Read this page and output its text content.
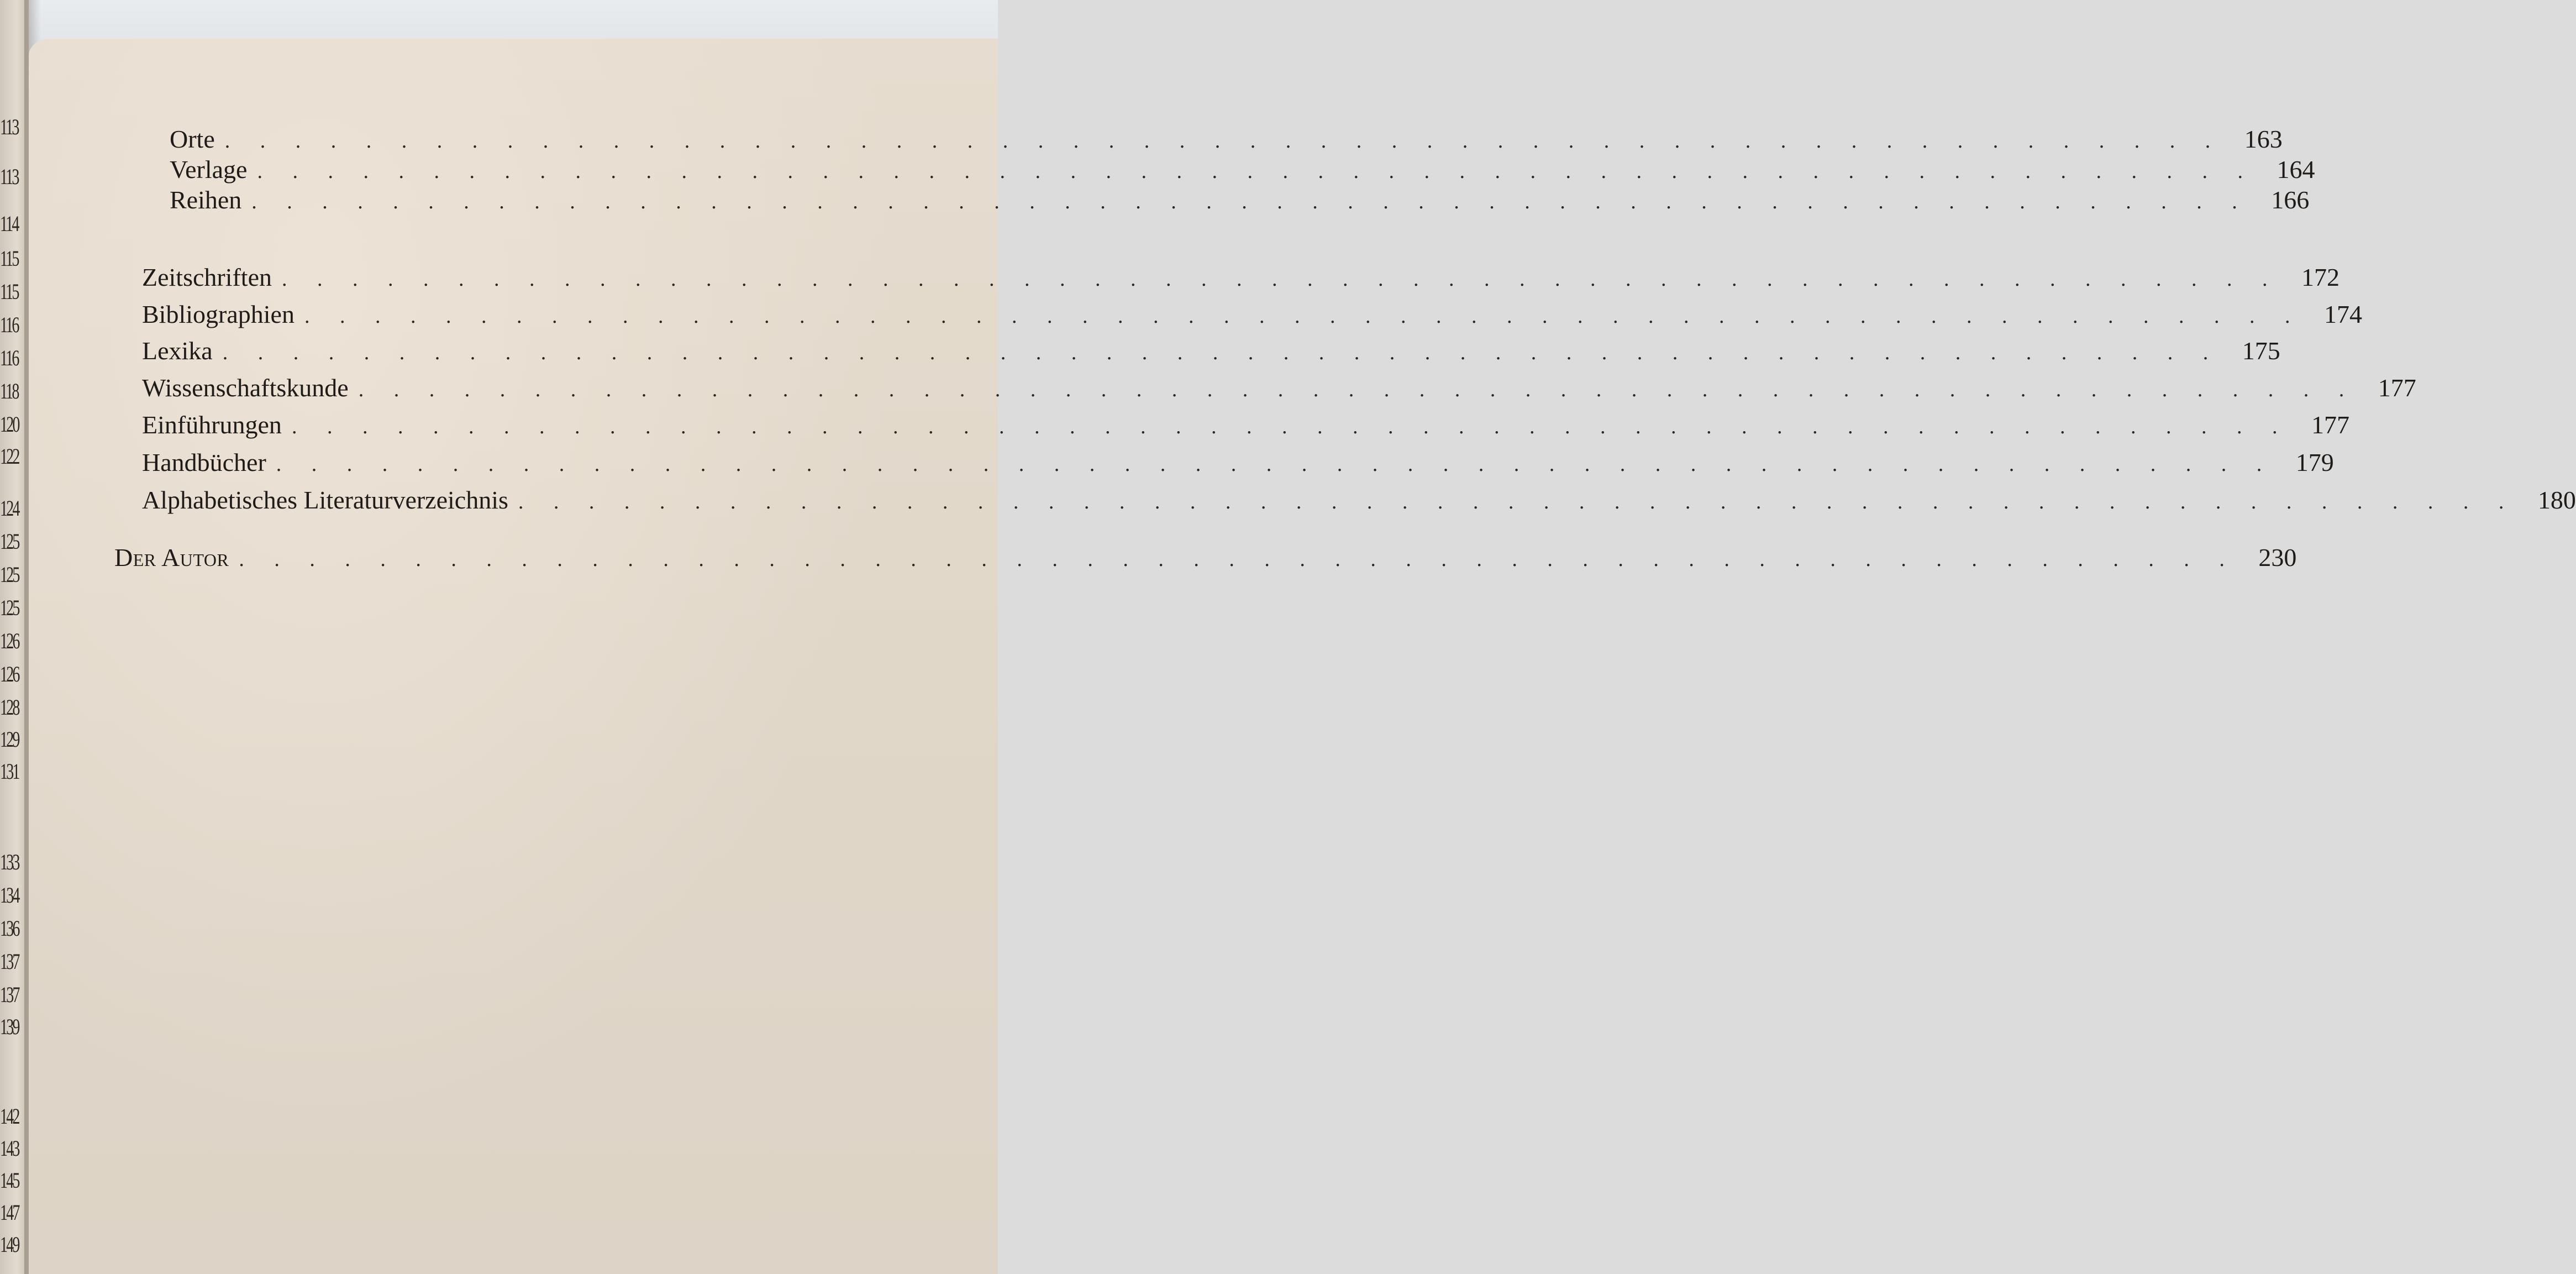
113
113
114
115
115
116
116
118
120
122
124
125
125
125
126
126
128
129
131
133
134
136
137
137
139
142
143
145
147
149
Orte . . . . . . . . . . . . . . . . . . . . . . . . . . . . . . . . . . . . . . . . . . . . . . . . . . . . . . . . . 163
Verlage . . . . . . . . . . . . . . . . . . . . . . . . . . . . . . . . . . . . . . . . . . . . . . . . . . . . . . . . . 164
Reihen . . . . . . . . . . . . . . . . . . . . . . . . . . . . . . . . . . . . . . . . . . . . . . . . . . . . . . . . . 166
Zeitschriften . . . . . . . . . . . . . . . . . . . . . . . . . . . . . . . . . . . . . . . . . . . . . . . . . . . . . . . . . 172
Bibliographien . . . . . . . . . . . . . . . . . . . . . . . . . . . . . . . . . . . . . . . . . . . . . . . . . . . . . . . . . 174
Lexika . . . . . . . . . . . . . . . . . . . . . . . . . . . . . . . . . . . . . . . . . . . . . . . . . . . . . . . . . 175
Wissenschaftskunde . . . . . . . . . . . . . . . . . . . . . . . . . . . . . . . . . . . . . . . . . . . . . . . . . . . . . . . . . 177
Einführungen . . . . . . . . . . . . . . . . . . . . . . . . . . . . . . . . . . . . . . . . . . . . . . . . . . . . . . . . . 177
Handbücher . . . . . . . . . . . . . . . . . . . . . . . . . . . . . . . . . . . . . . . . . . . . . . . . . . . . . . . . . 179
Alphabetisches Literaturverzeichnis . . . . . . . . . . . . . . . . . . . . . . . . . . . . . . . . . . . . . . . . . . . . . . . . . . . . . . . . . 180
Der Autor . . . . . . . . . . . . . . . . . . . . . . . . . . . . . . . . . . . . . . . . . . . . . . . . . . . . . . . . . 230
